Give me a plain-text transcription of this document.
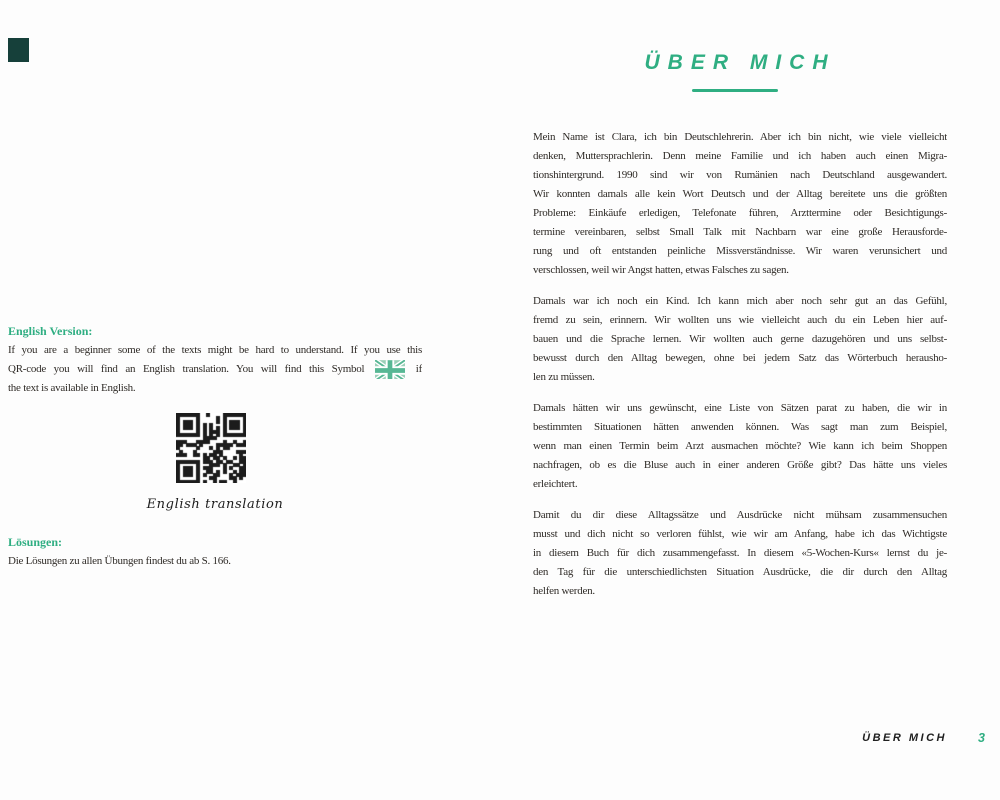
English Version:
If you are a beginner some of the texts might be hard to understand. If you use this
QR-code you will find an English translation. You will find this Symbol	if
the text is available in English.
English translation
Lösungen:
Die Lösungen zu allen Übungen findest du ab S. 166.
ÜBER MICH
Mein Name ist Clara, ich bin Deutschlehrerin. Aber ich bin nicht, wie viele vielleicht
denken, Muttersprachlerin. Denn meine Familie und ich haben auch einen Migra-
tionshintergrund. 1990 sind wir von Rumänien nach Deutschland ausgewandert.
Wir konnten damals alle kein Wort Deutsch und der Alltag bereitete uns die größten
Probleme: Einkäufe erledigen, Telefonate führen, Arzttermine oder Besichtigungs-
termine vereinbaren, selbst Small Talk mit Nachbarn war eine große Herausforde-
rung und oft entstanden peinliche Missverständnisse. Wir waren verunsichert und
verschlossen, weil wir Angst hatten, etwas Falsches zu sagen.
Damals war ich noch ein Kind. Ich kann mich aber noch sehr gut an das Gefühl,
fremd zu sein, erinnern. Wir wollten uns wie vielleicht auch du ein Leben hier auf-
bauen und die Sprache lernen. Wir wollten auch gerne dazugehören und uns selbst-
bewusst durch den Alltag bewegen, ohne bei jedem Satz das Wörterbuch herausho-
len zu müssen.
Damals hätten wir uns gewünscht, eine Liste von Sätzen parat zu haben, die wir in
bestimmten Situationen hätten anwenden können. Was sagt man zum Beispiel,
wenn man einen Termin beim Arzt ausmachen möchte? Wie kann ich beim Shoppen
nachfragen, ob es die Bluse auch in einer anderen Größe gibt? Das hätte uns vieles
erleichtert.
Damit du dir diese Alltagssätze und Ausdrücke nicht mühsam zusammensuchen
musst und dich nicht so verloren fühlst, wie wir am Anfang, habe ich das Wichtigste
in diesem Buch für dich zusammengefasst. In diesem «5-Wochen-Kurs« lernst du je-
den Tag für die unterschiedlichsten Situation Ausdrücke, die dir durch den Alltag
helfen werden.
ÜBER MICH 3
